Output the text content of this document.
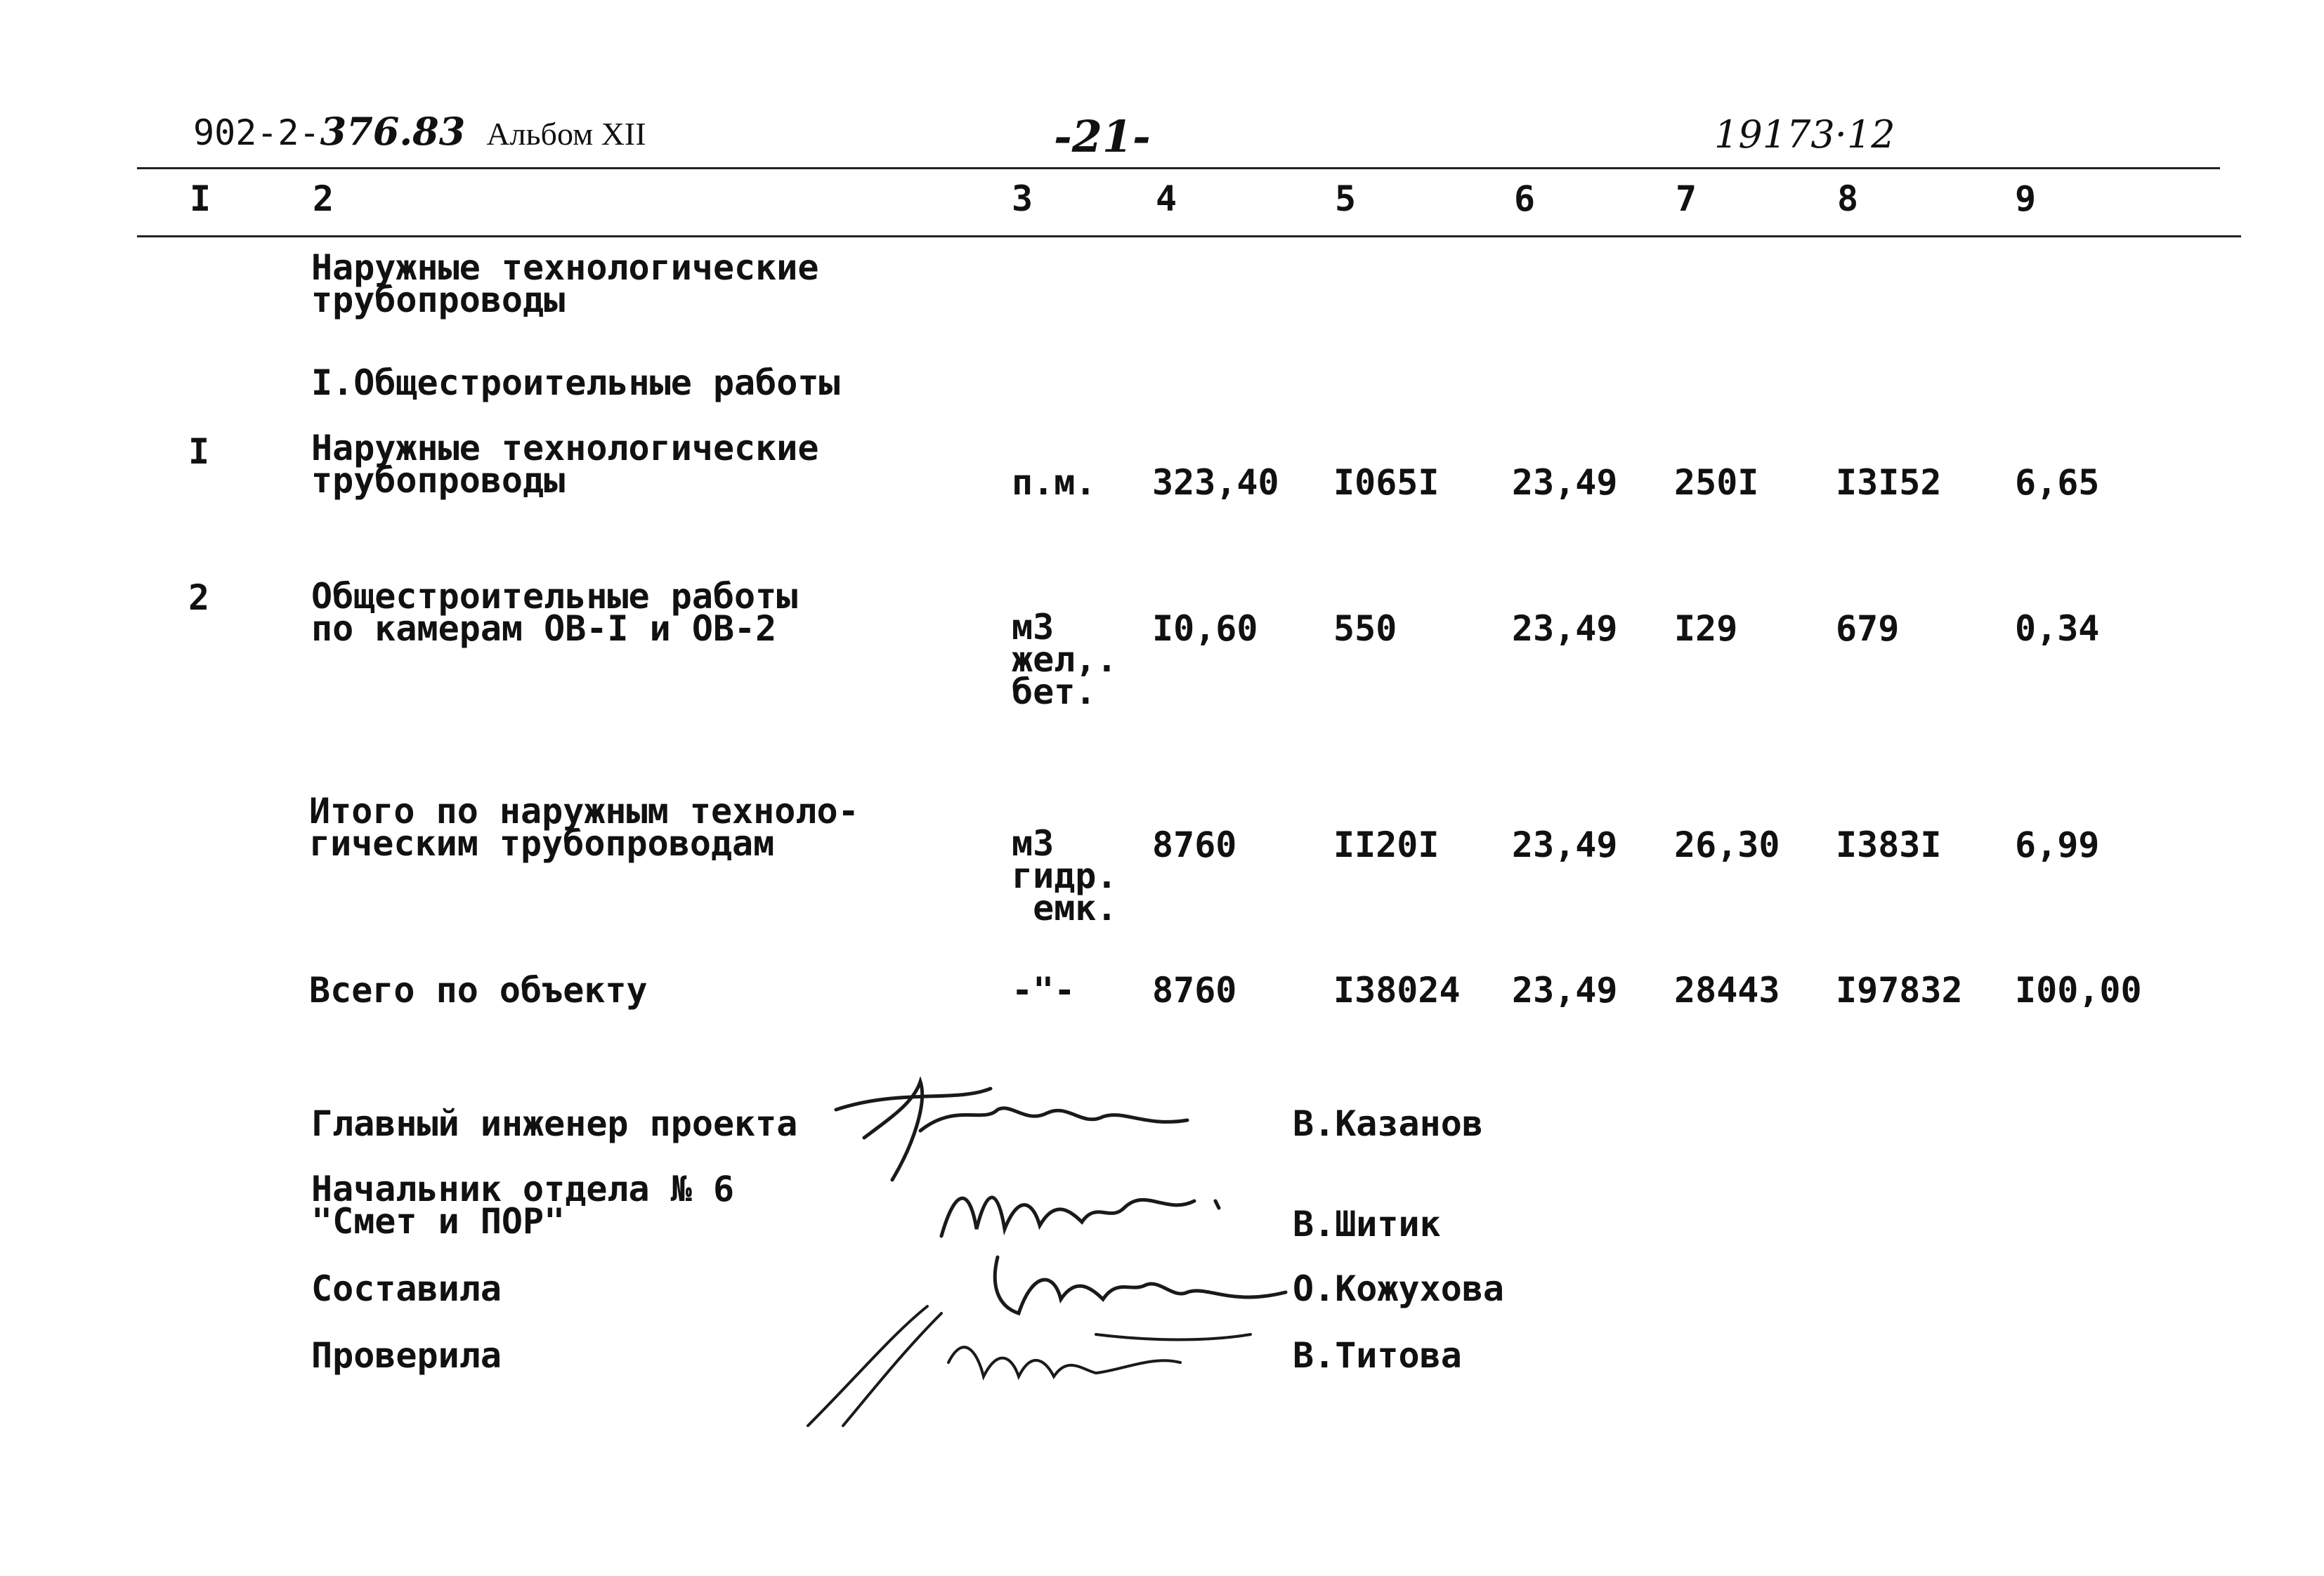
902-2-376.83 Альбом XII	-21-	19173·12
I	2	3	4	5	6	7	8	9
Наружные технологические
трубопроводы
I.Общестроительные работы
I	Наружные технологические
трубопроводы	п.м. 323,40 I065I 23,49 250I I3I52 6,65
2	Общестроительные работы
по камерам ОВ-I и ОВ-2	м3
жел,.
бет.
I0,60 550	23,49 I29	679	0,34
Итого по наружным техноло-
гическим трубопроводам	м3
гидр.
емк.
8760	II20I 23,49 26,30 I383I 6,99
Всего по объекту	-"- 8760	I38024 23,49 28443 I97832 I00,00
Главный инженер проекта	В.Казанов
Начальник отдела № 6
"Смет и ПОР"	В.Шитик
Составила	О.Кожухова
Проверила	В.Титова
